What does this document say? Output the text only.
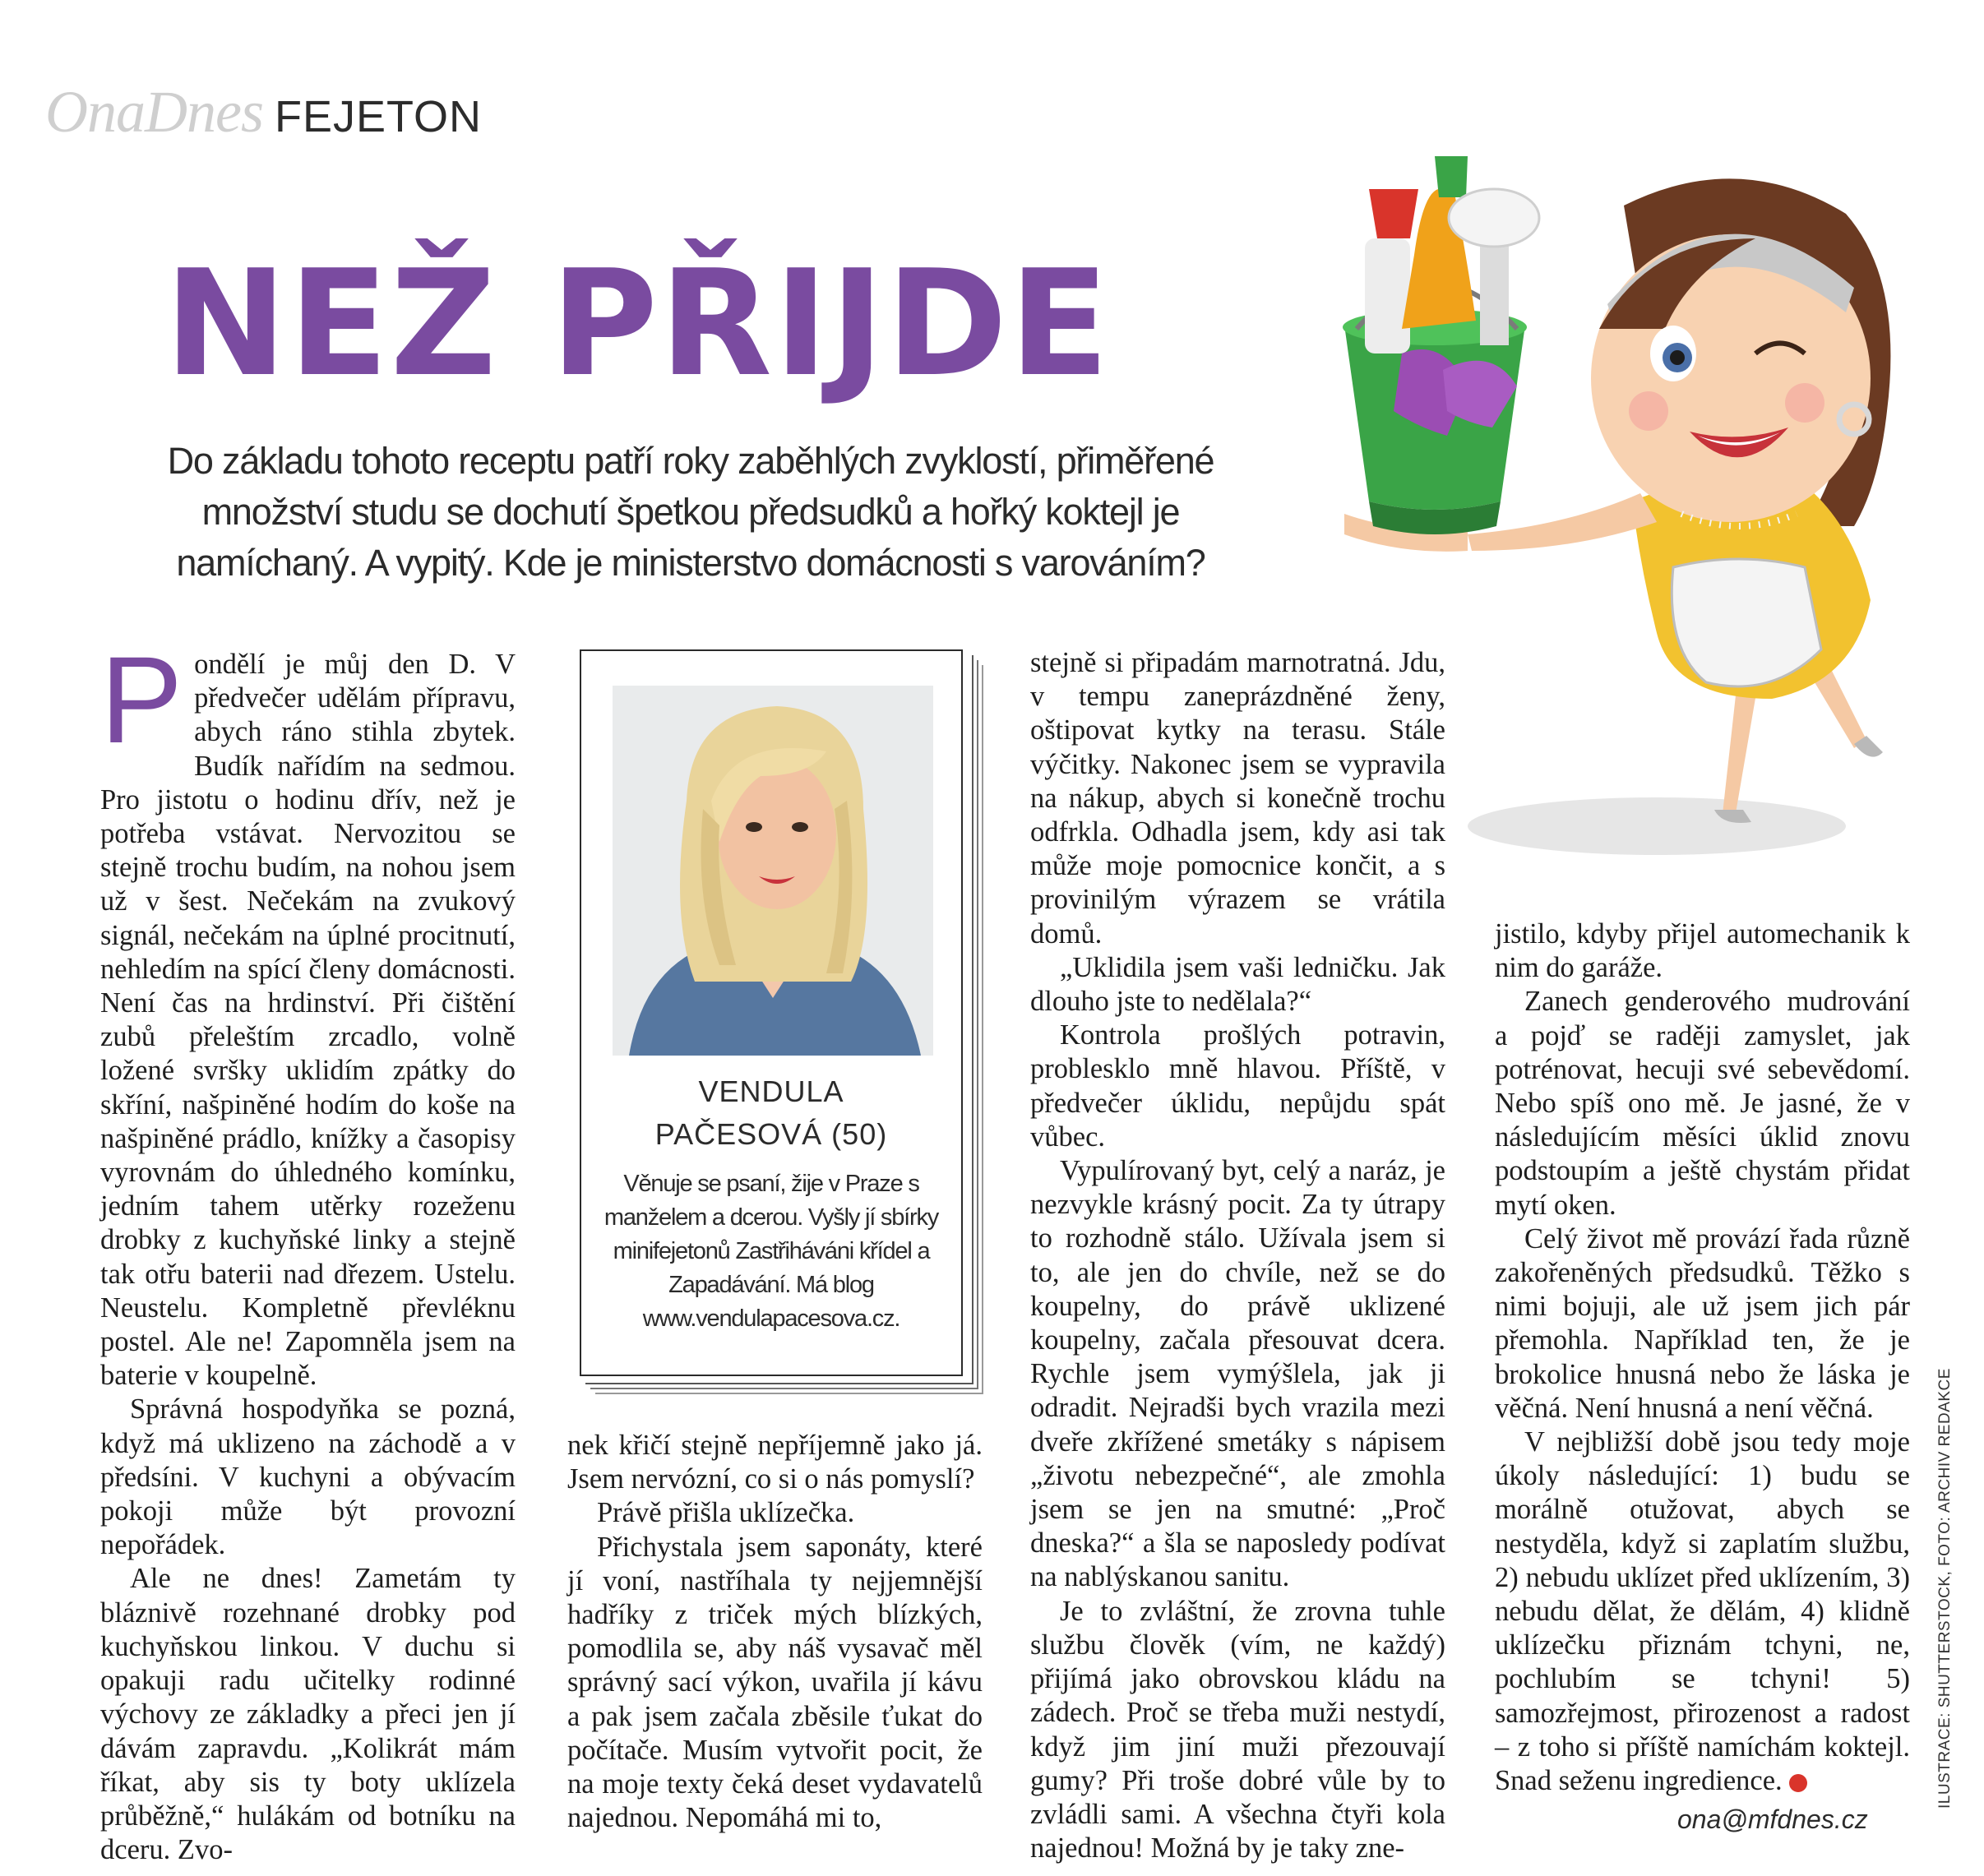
OnaDnes FEJETON
NEŽ PŘIJDE
Do základu tohoto receptu patří roky zaběhlých zvyklostí, přiměřené množství studu se dochutí špetkou předsudků a hořký koktejl je namíchaný. A vypitý. Kde je ministerstvo domácnosti s varováním?
VENDULA
PAČESOVÁ (50)
Věnuje se psaní, žije v Praze s manželem a dcerou. Vyšly jí sbírky minifejetonů Zastřiháváni křídel a Zapadávání. Má blog www.vendulapacesova.cz.

Pondělí je můj den D. V předvečer udělám přípravu, abych ráno stihla zbytek. Budík nařídím na sedmou. Pro jistotu o hodinu dřív, než je potřeba vstávat. Nervozitou se stejně trochu budím, na nohou jsem už v šest. Nečekám na zvukový signál, nečekám na úplné procitnutí, nehledím na spící členy domácnosti. Není čas na hrdinství. Při čištění zubů přeleštím zrcadlo, volně ložené svršky uklidím zpátky do skříní, našpiněné hodím do koše na našpiněné prádlo, knížky a časopisy vyrovnám do úhledného komínku, jedním tahem utěrky rozeženu drobky z kuchyňské linky a stejně tak otřu baterii nad dřezem. Ustelu. Neustelu. Kompletně převléknu postel. Ale ne! Zapomněla jsem na baterie v koupelně.

Správná hospodyňka se pozná, když má uklizeno na záchodě a v předsíni. V kuchyni a obývacím pokoji může být provozní nepořádek.

Ale ne dnes! Zametám ty bláznivě rozehnané drobky pod kuchyňskou linkou. V duchu si opakuji radu učitelky rodinné výchovy ze základky a přeci jen jí dávám zapravdu. „Kolikrát mám říkat, aby sis ty boty uklízela průběžně,“ hulákám od botníku na dceru. Zvo-

nek křičí stejně nepříjemně jako já. Jsem nervózní, co si o nás pomyslí?

Právě přišla uklízečka.

Přichystala jsem saponáty, které jí voní, nastříhala ty nejjemnější hadříky z triček mých blízkých, pomodlila se, aby náš vysavač měl správný sací výkon, uvařila jí kávu a pak jsem začala zběsile ťukat do počítače. Musím vytvořit pocit, že na moje texty čeká deset vydavatelů najednou. Nepomáhá mi to,

stejně si připadám marnotratná. Jdu, v tempu zaneprázdněné ženy, oštipovat kytky na terasu. Stále výčitky. Nakonec jsem se vypravila na nákup, abych si konečně trochu odfrkla. Odhadla jsem, kdy asi tak může moje pomocnice končit, a s provinilým výrazem se vrátila domů.

„Uklidila jsem vaši ledničku. Jak dlouho jste to nedělala?“

Kontrola prošlých potravin, problesklo mně hlavou. Příště, v předvečer úklidu, nepůjdu spát vůbec.

Vypulírovaný byt, celý a naráz, je nezvykle krásný pocit. Za ty útrapy to rozhodně stálo. Užívala jsem si to, ale jen do chvíle, než se do koupelny, do právě uklizené koupelny, začala přesouvat dcera. Rychle jsem vymýšlela, jak ji odradit. Nejradši bych vrazila mezi dveře zkřížené smetáky s nápisem „životu nebezpečné“, ale zmohla jsem se jen na smutné: „Proč dneska?“ a šla se naposledy podívat na nablýskanou sanitu.

Je to zvláštní, že zrovna tuhle službu člověk (vím, ne každý) přijímá jako obrovskou kládu na zádech. Proč se třeba muži nestydí, když jim jiní muži přezouvají gumy? Při troše dobré vůle by to zvládli sami. A všechna čtyři kola najednou! Možná by je taky zne-

jistilo, kdyby přijel automechanik k nim do garáže.

Zanech genderového mudrování a pojď se raději zamyslet, jak potrénovat, hecuji své sebevědomí. Nebo spíš ono mě. Je jasné, že v následujícím měsíci úklid znovu podstoupím a ještě chystám přidat mytí oken.

Celý život mě provází řada různě zakořeněných předsudků. Těžko s nimi bojuji, ale už jsem jich pár přemohla. Například ten, že je brokolice hnusná nebo že láska je věčná. Není hnusná a není věčná.

V nejbližší době jsou tedy moje úkoly následující: 1) budu se morálně otužovat, abych se nestyděla, když si zaplatím službu, 2) nebudu uklízet před uklízením, 3) nebudu dělat, že dělám, 4) klidně uklízečku přiznám tchyni, ne, pochlubím se tchyni! 5) samozřejmost, přirozenost a radost – z toho si příště namíchám koktejl. Snad seženu ingredience.

ona@mfdnes.cz
ILUSTRACE: SHUTTERSTOCK, FOTO: ARCHIV REDAKCE
